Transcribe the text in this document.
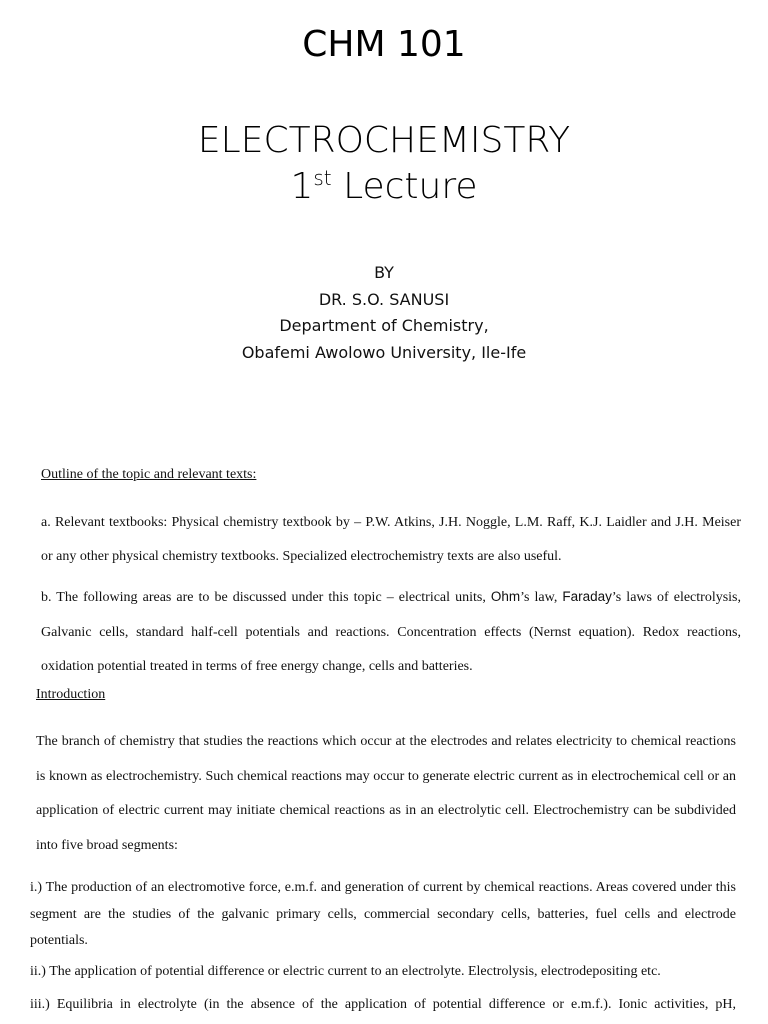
CHM 101
ELECTROCHEMISTRY
1st Lecture
BY
DR. S.O. SANUSI
Department of Chemistry,
Obafemi Awolowo University, Ile-Ife
Outline of the topic and relevant texts:
a. Relevant textbooks: Physical chemistry textbook by – P.W. Atkins, J.H. Noggle, L.M. Raff, K.J. Laidler and J.H. Meiser or any other physical chemistry textbooks. Specialized electrochemistry texts are also useful.
b. The following areas are to be discussed under this topic – electrical units, Ohm’s law, Faraday’s laws of electrolysis, Galvanic cells, standard half-cell potentials and reactions. Concentration effects (Nernst equation). Redox reactions, oxidation potential treated in terms of free energy change, cells and batteries.
Introduction
The branch of chemistry that studies the reactions which occur at the electrodes and relates electricity to chemical reactions is known as electrochemistry. Such chemical reactions may occur to generate electric current as in electrochemical cell or an application of electric current may initiate chemical reactions as in an electrolytic cell. Electrochemistry can be subdivided into five broad segments:
i.) The production of an electromotive force, e.m.f. and generation of current by chemical reactions. Areas covered under this segment are the studies of the galvanic primary cells, commercial secondary cells, batteries, fuel cells and electrode potentials.
ii.) The application of potential difference or electric current to an electrolyte. Electrolysis, electrodepositing etc.
iii.) Equilibria in electrolyte (in the absence of the application of potential difference or e.m.f.). Ionic activities, pH,
